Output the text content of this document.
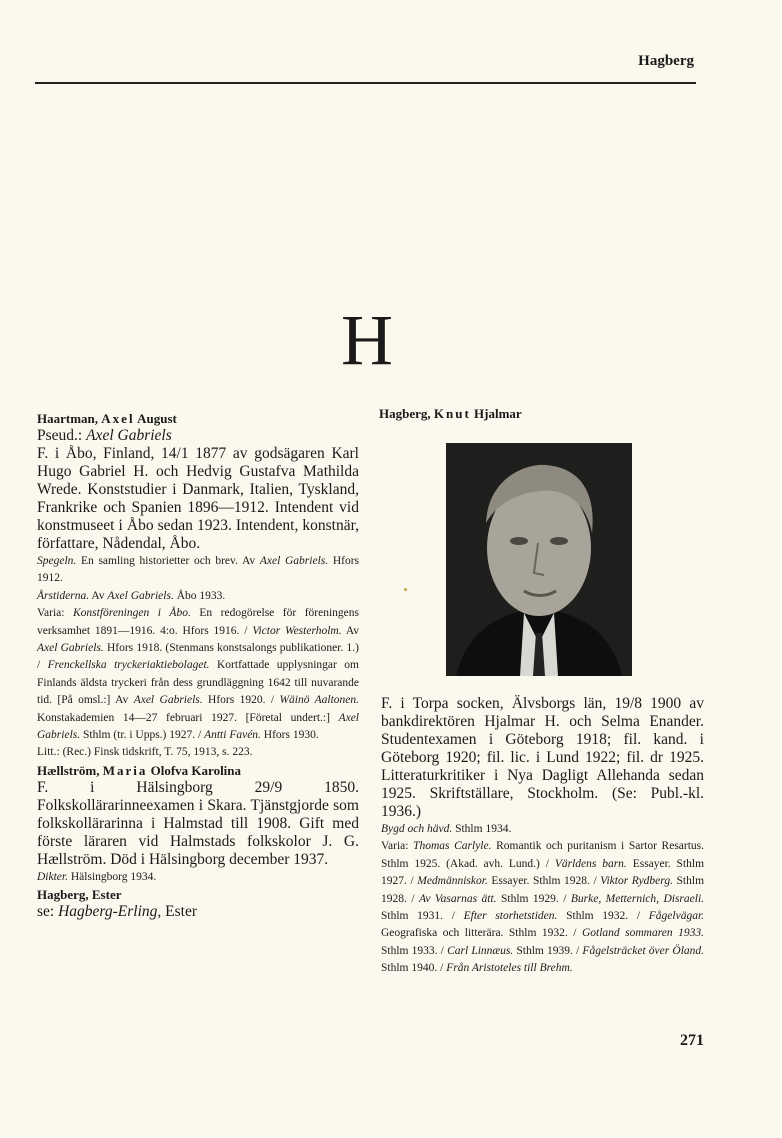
Hagberg
H
Haartman, Axel August
Pseud.: Axel Gabriels
F. i Åbo, Finland, 14/1 1877 av godsägaren Karl Hugo Gabriel H. och Hedvig Gustafva Mathilda Wrede. Konststudier i Danmark, Italien, Tyskland, Frankrike och Spanien 1896—1912. Intendent vid konstmuseet i Åbo sedan 1923. Intendent, konstnär, författare, Nådendal, Åbo.
Spegeln. En samling historietter och brev. Av Axel Gabriels. Hfors 1912.
Årstiderna. Av Axel Gabriels. Åbo 1933.
Varia: Konstföreningen i Åbo. En redogörelse för föreningens verksamhet 1891—1916. 4:o. Hfors 1916. / Victor Westerholm. Av Axel Gabriels. Hfors 1918. (Stenmans konstsalongs publikationer. 1.) / Frenckellska tryckeriaktiebolaget. Kortfattade upplysningar om Finlands äldsta tryckeri från dess grundläggning 1642 till nuvarande tid. [På omsl.:] Av Axel Gabriels. Hfors 1920. / Wäinö Aaltonen. Konstakademien 14—27 februari 1927. [Företal undert.:] Axel Gabriels. Sthlm (tr. i Upps.) 1927. / Antti Favén. Hfors 1930.
Litt.: (Rec.) Finsk tidskrift, T. 75, 1913, s. 223.
Hællström, Maria Olofva Karolina
F. i Hälsingborg 29/9 1850. Folkskollärarinneexamen i Skara. Tjänstgjorde som folkskollärarinna i Halmstad till 1908. Gift med förste läraren vid Halmstads folkskolor J. G. Hællström. Död i Hälsingborg december 1937.
Dikter. Hälsingborg 1934.
Hagberg, Ester
se: Hagberg-Erling, Ester
Hagberg, Knut Hjalmar
F. i Torpa socken, Älvsborgs län, 19/8 1900 av bankdirektören Hjalmar H. och Selma Enander. Studentexamen i Göteborg 1918; fil. kand. i Göteborg 1920; fil. lic. i Lund 1922; fil. dr 1925. Litteraturkritiker i Nya Dagligt Allehanda sedan 1925. Skriftställare, Stockholm. (Se: Publ.-kl. 1936.)
Bygd och hävd. Sthlm 1934.
Varia: Thomas Carlyle. Romantik och puritanism i Sartor Resartus. Sthlm 1925. (Akad. avh. Lund.) / Världens barn. Essayer. Sthlm 1927. / Medmänniskor. Essayer. Sthlm 1928. / Viktor Rydberg. Sthlm 1928. / Av Vasarnas ätt. Sthlm 1929. / Burke, Metternich, Disraeli. Sthlm 1931. / Efter storhetstiden. Sthlm 1932. / Fågelvägar. Geografiska och litterära. Sthlm 1932. / Gotland sommaren 1933. Sthlm 1933. / Carl Linnæus. Sthlm 1939. / Fågelsträcket över Öland. Sthlm 1940. / Från Aristoteles till Brehm.
271
